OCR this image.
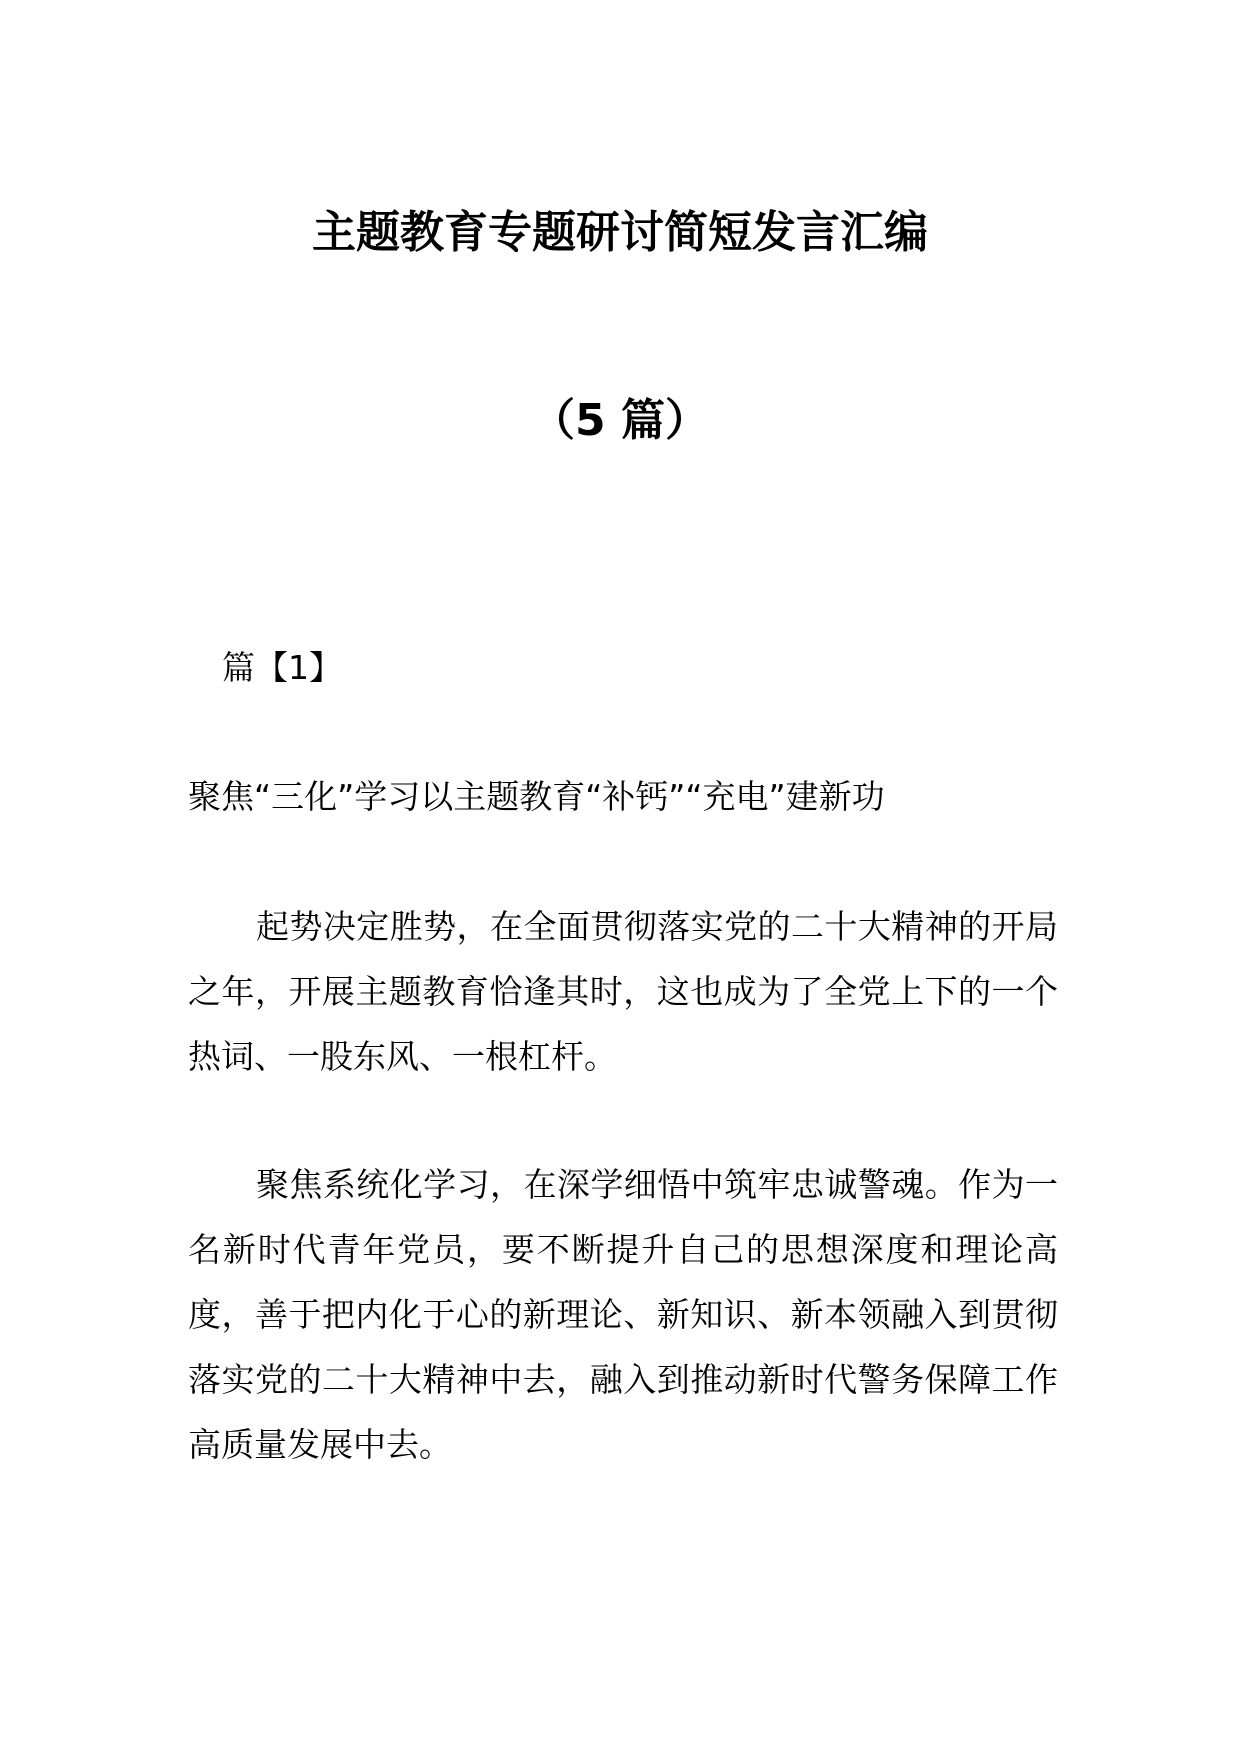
主题教育专题研讨简短发言汇编
（5 篇）
篇【1】
聚焦“三化”学习以主题教育“补钙”“充电”建新功
起势决定胜势，在全面贯彻落实党的二十大精神的开局之年，开展主题教育恰逢其时，这也成为了全党上下的一个热词、一股东风、一根杠杆。
聚焦系统化学习，在深学细悟中筑牢忠诚警魂。作为一名新时代青年党员，要不断提升自己的思想深度和理论高度，善于把内化于心的新理论、新知识、新本领融入到贯彻落实党的二十大精神中去，融入到推动新时代警务保障工作高质量发展中去。
